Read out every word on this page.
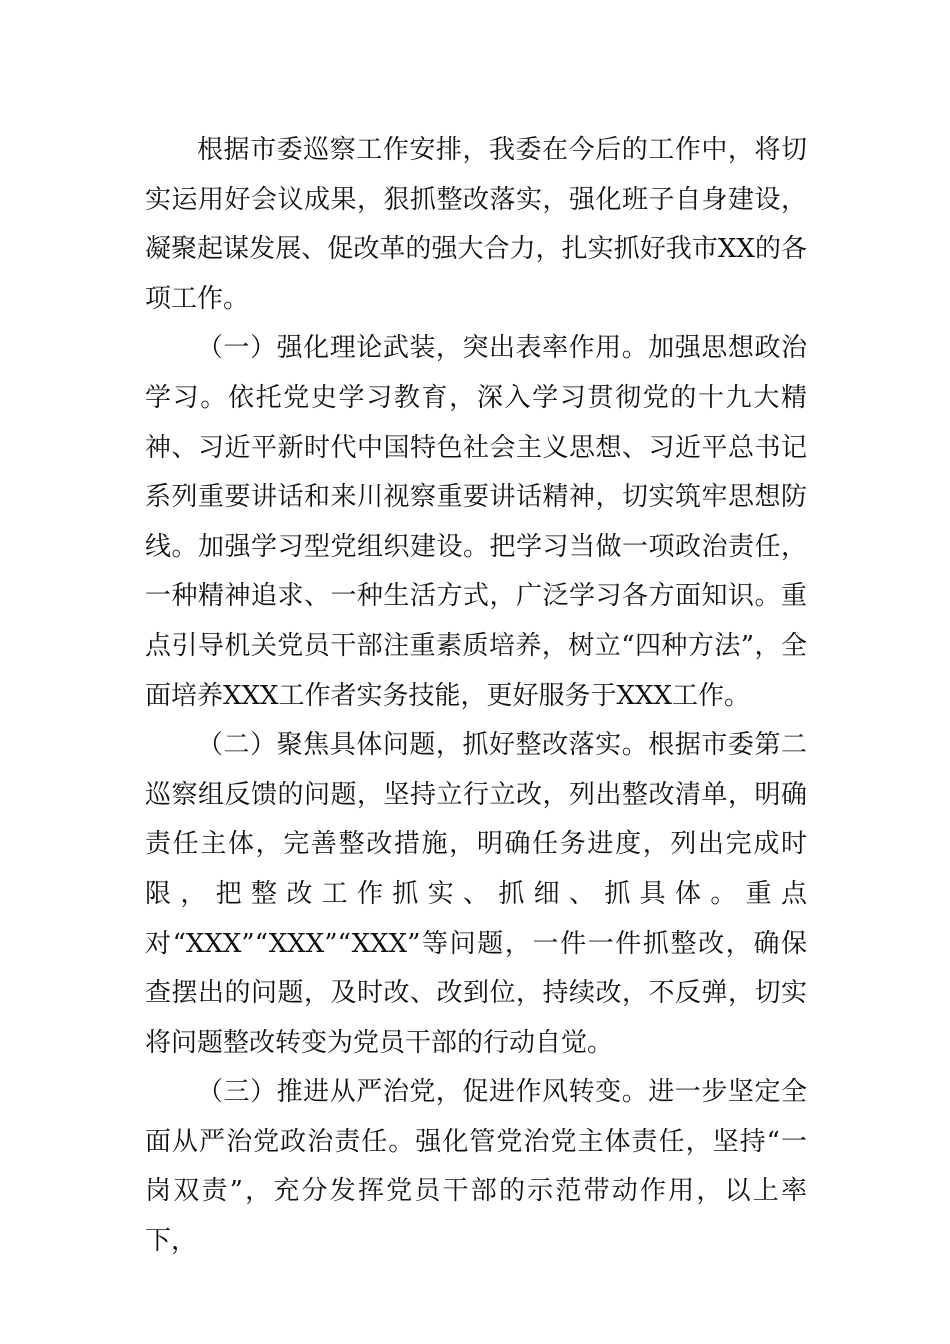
根据市委巡察工作安排，我委在今后的工作中，将切实运用好会议成果，狠抓整改落实，强化班子自身建设，凝聚起谋发展、促改革的强大合力，扎实抓好我市XX的各项工作。

（一）强化理论武装，突出表率作用。加强思想政治学习。依托党史学习教育，深入学习贯彻党的十九大精神、习近平新时代中国特色社会主义思想、习近平总书记系列重要讲话和来川视察重要讲话精神，切实筑牢思想防线。加强学习型党组织建设。把学习当做一项政治责任，一种精神追求、一种生活方式，广泛学习各方面知识。重点引导机关党员干部注重素质培养，树立“四种方法”，全面培养XXX工作者实务技能，更好服务于XXX工作。

（二）聚焦具体问题，抓好整改落实。根据市委第二巡察组反馈的问题，坚持立行立改，列出整改清单，明确责任主体，完善整改措施，明确任务进度，列出完成时限，把整改工作抓实、抓细、抓具体。重点对“XXX”“XXX”“XXX”等问题，一件一件抓整改，确保查摆出的问题，及时改、改到位，持续改，不反弹，切实将问题整改转变为党员干部的行动自觉。

（三）推进从严治党，促进作风转变。进一步坚定全面从严治党政治责任。强化管党治党主体责任，坚持“一岗双责”，充分发挥党员干部的示范带动作用，以上率下，
